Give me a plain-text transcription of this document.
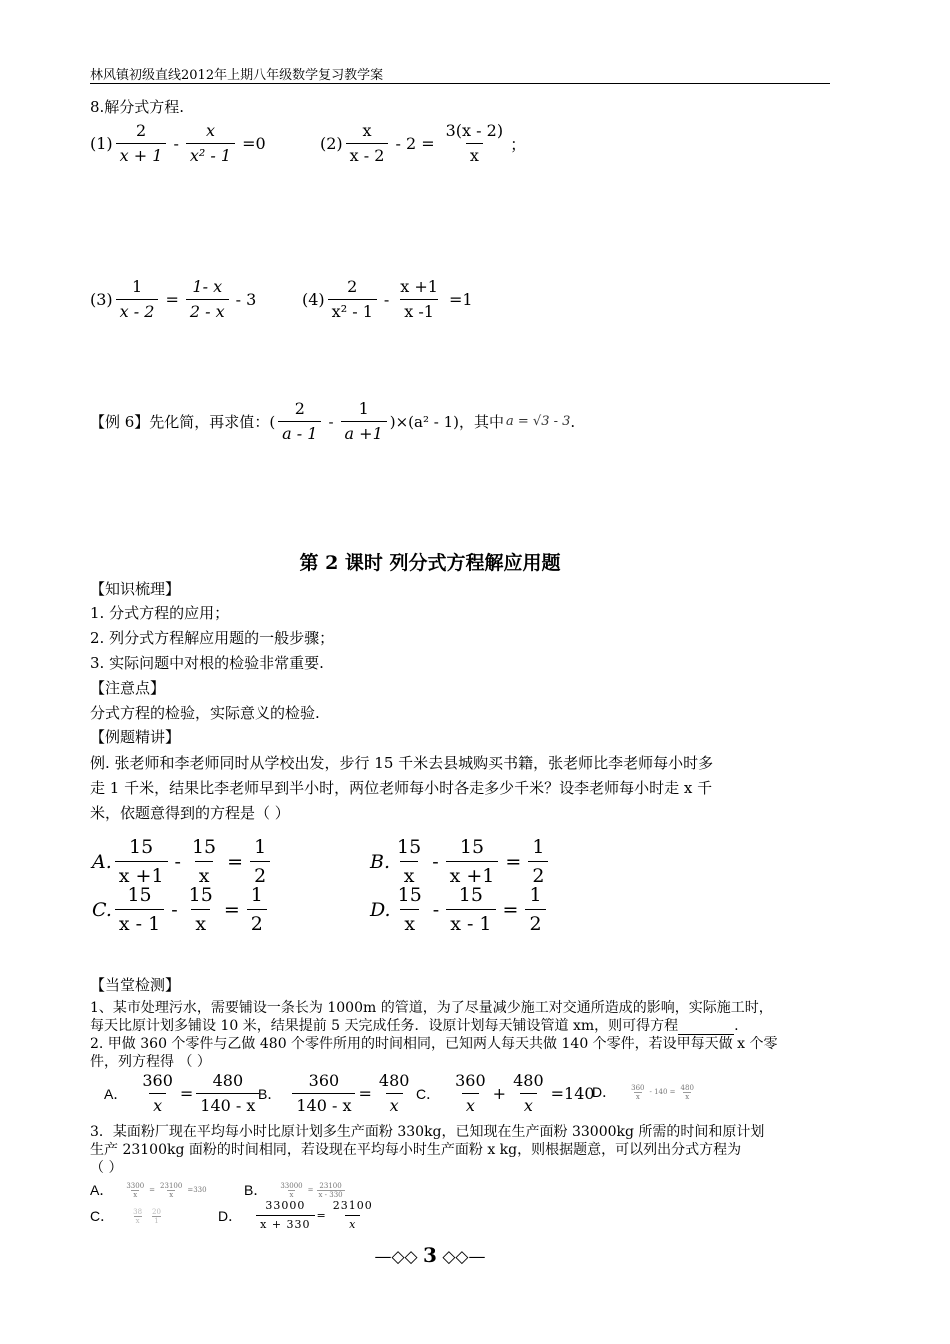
林风镇初级直线2012年上期八年级数学复习教学案
8.解分式方程.
$(1) \frac{2}{x + 1} - \frac{x}{\text{x² - 1}} =0$	$(2) \frac{x}{x - 2} - 2 = \frac{3(x - 2)}{x}$ ；
$(3) \frac{1}{x - 2} = \frac{1- x}{2 - x} - 3$	$(4) \frac{2}{\text{x² - 1}} - \frac{x +1}{x -1} =1$
【例 6】先化简，再求值：( $\frac{2}{a - 1} - \frac{1}{a +1} )\times(a^2 - 1)$，其中 a = √3 - 3 .
第 2 课时 列分式方程解应用题
【知识梳理】
1. 分式方程的应用；
2. 列分式方程解应用题的一般步骤；
3. 实际问题中对根的检验非常重要.
【注意点】
分式方程的检验，实际意义的检验.
【例题精讲】
例. 张老师和李老师同时从学校出发，步行 15 千米去县城购买书籍，张老师比李老师每小时多
走 1 千米，结果比李老师早到半小时，两位老师每小时各走多少千米？设李老师每小时走 x 千
米，依题意得到的方程是（ ）
A. $\frac{15}{x +1} - \frac{15}{x} = \frac{1}{2}$	B. $\frac{15}{x} - \frac{15}{x +1} = \frac{1}{2}$
C. $\frac{15}{x - 1} - \frac{15}{x} = \frac{1}{2}$	D. $\frac{15}{x} - \frac{15}{x - 1} = \frac{1}{2}$
【当堂检测】
1、某市处理污水，需要铺设一条长为 1000m 的管道，为了尽量减少施工对交通所造成的影响，实际施工时，
每天比原计划多铺设 10 米，结果提前 5 天完成任务．设原计划每天铺设管道 xm，则可得方程	.
2. 甲做 360 个零件与乙做 480 个零件所用的时间相同，已知两人每天共做 140 个零件，若设甲每天做 x 个零
件，列方程得 （ ）
A． $\frac{360}{x} = \frac{480}{140 - x}$
B． $\frac{360}{140 - x} = \frac{480}{x}$ C． $\frac{360}{x} + \frac{480}{x} =140$
D． $\frac{360}{x} - 140 = \frac{480}{x}$
3．某面粉厂现在平均每小时比原计划多生产面粉 330kg，已知现在生产面粉 33000kg 所需的时间和原计划
生产 23100kg 面粉的时间相同，若设现在平均每小时生产面粉 x kg，则根据题意，可以列出分式方程为
（ ）
A． $\frac{3300}{x} = \frac{23100}{x} =330$	B． $\frac{33000}{x} = \frac{23100}{x - 330}$
C． $\frac{38}{x} \frac{20}{1}$	D． $\frac{33000}{x + 330} = \frac{23100}{x}$
—◇◇ 3 ◇◇—
